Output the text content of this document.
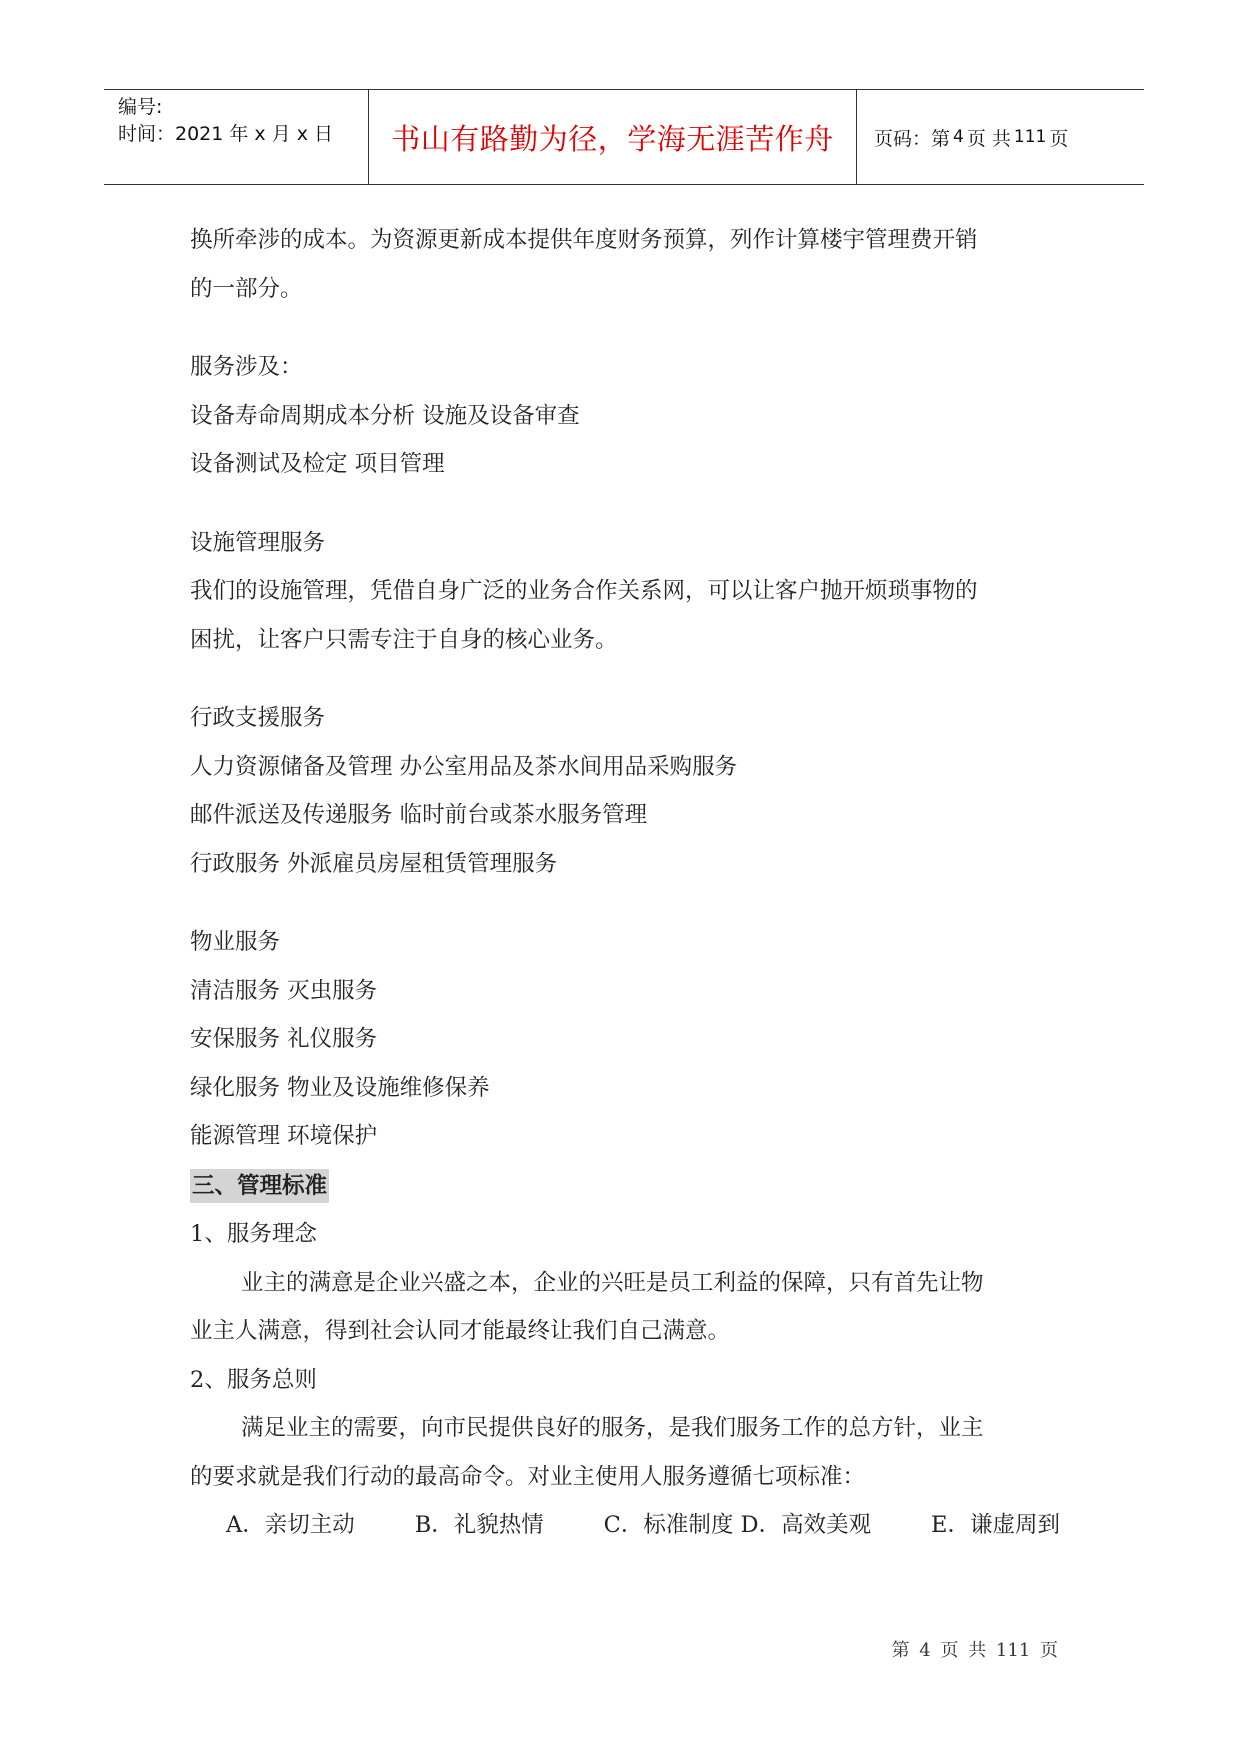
编号:
时间：2021 年 x 月 x 日	书山有路勤为径，学海无涯苦作舟	页码：第 4 页 共 111 页

换所牵涉的成本。为资源更新成本提供年度财务预算，列作计算楼宇管理费开销

的一部分。

服务涉及：

设备寿命周期成本分析 设施及设备审查

设备测试及检定 项目管理

设施管理服务

我们的设施管理，凭借自身广泛的业务合作关系网，可以让客户抛开烦琐事物的

困扰，让客户只需专注于自身的核心业务。

行政支援服务

人力资源储备及管理 办公室用品及茶水间用品采购服务

邮件派送及传递服务 临时前台或茶水服务管理

行政服务 外派雇员房屋租赁管理服务

物业服务

清洁服务 灭虫服务

安保服务 礼仪服务

绿化服务 物业及设施维修保养

能源管理 环境保护

三、管理标准

1、服务理念

业主的满意是企业兴盛之本，企业的兴旺是员工利益的保障，只有首先让物

业主人满意，得到社会认同才能最终让我们自己满意。

2、服务总则

满足业主的需要，向市民提供良好的服务，是我们服务工作的总方针，业主

的要求就是我们行动的最高命令。对业主使用人服务遵循七项标准：

A．亲切主动	B．礼貌热情	C．标准制度 D．高效美观	E．谦虚周到
第 4 页 共 111 页
